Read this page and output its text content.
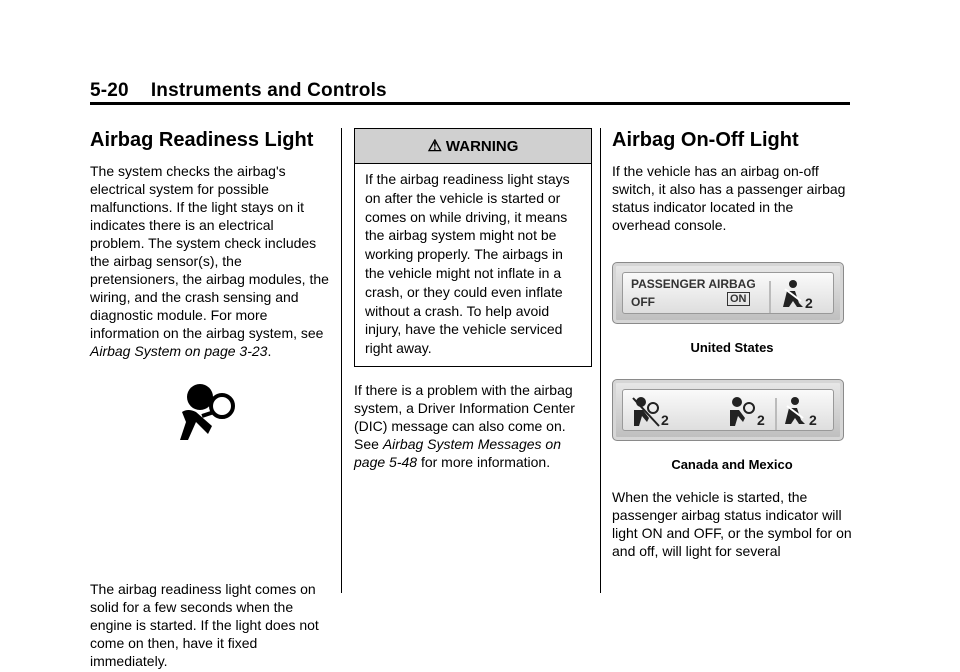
5-20 Instruments and Controls
Airbag Readiness Light

The system checks the airbag's electrical system for possible malfunctions. If the light stays on it indicates there is an electrical problem. The system check includes the airbag sensor(s), the pretensioners, the airbag modules, the wiring, and the crash sensing and diagnostic module. For more information on the airbag system, see Airbag System on page 3-23.

The airbag readiness light comes on solid for a few seconds when the engine is started. If the light does not come on then, have it fixed immediately.

⚠ WARNING
If the airbag readiness light stays on after the vehicle is started or comes on while driving, it means the airbag system might not be working properly. The airbags in the vehicle might not inflate in a crash, or they could even inflate without a crash. To help avoid injury, have the vehicle serviced right away.

If there is a problem with the airbag system, a Driver Information Center (DIC) message can also come on. See Airbag System Messages on page 5-48 for more information.

Airbag On-Off Light

If the vehicle has an airbag on-off switch, it also has a passenger airbag status indicator located in the overhead console.

PASSENGER AIRBAG
OFF	ON	2
United States
2	2	2
Canada and Mexico

When the vehicle is started, the passenger airbag status indicator will light ON and OFF, or the symbol for on and off, will light for several
